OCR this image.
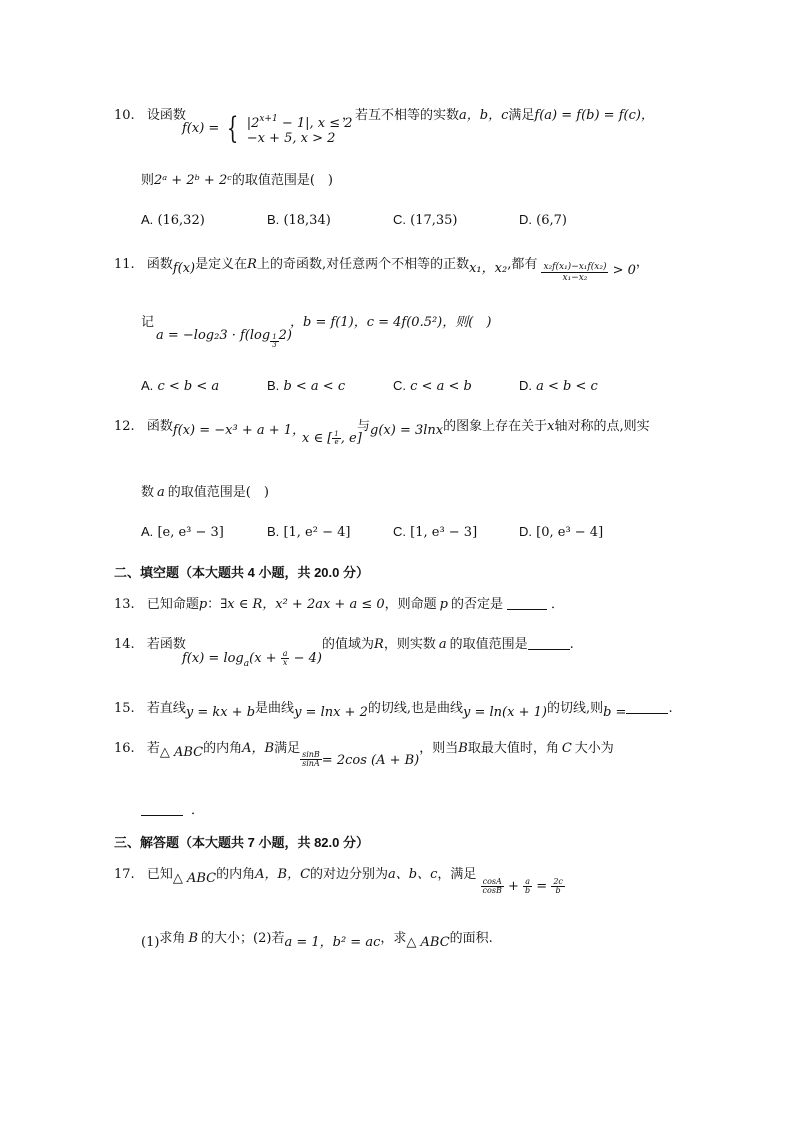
10. 设函数
f(x) = { $|2^{x+1} - 1|$, x ≤ 2
−x + 5, x > 2
，若互不相等的实数a，b，c满足f(a) = f(b) = f(c)，
则2ᵃ + 2ᵇ + 2ᶜ的取值范围是(　)
A. (16,32)	B. (18,34)	C. (17,35)	D. (6,7)
11. 函数f(x)是定义在R上的奇函数,对任意两个不相等的正数x₁，x₂,都有 $\frac{\text{x₂f(x₁)−x₁f(x₂)}}{\text{x₁−x₂}} > 0$，
记
$a = -\log_23 \cdot f(\log \frac{1}{3} 2)$
，b = f(1)，c = 4f(0.5²)，则(　)
A. c < b < a	B. b < a < c	C. c < a < b	D. a < b < c
12. 函数f(x) = −x³ + a + 1，
x ∈ [ $\frac{1}{e}$ , e]
与g(x) = 3lnx的图象上存在关于x轴对称的点,则实
数 a 的取值范围是(　)
A. [e, e³ − 3]	B. [1, e² − 4]	C. [1, e³ − 3]	D. [0, e³ − 4]
二、填空题（本大题共 4 小题，共 20.0 分）
13. 已知命题p：∃x ∈ R，x² + 2ax + a ≤ 0，则命题 p 的否定是	．
14. 若函数
$f(x) = \log_a(x + \frac{a}{x} - 4)$
的值域为R，则实数 a 的取值范围是	.
15. 若直线y = kx + b是曲线y = lnx + 2的切线,也是曲线y = ln(x + 1)的切线,则b =	.
16. 若△ ABC的内角A，B满足
$\frac{\sin B}{\sin A} = 2\cos$ (A + B)，则当B取最大值时，角 C 大小为
．
三、解答题（本大题共 7 小题，共 82.0 分）
17. 已知△ ABC的内角A，B，C的对边分别为a、b、c，满足
$\frac{\cos A}{\cos B} + \frac{a}{b} = \frac{2c}{b}$
(1)求角 B 的大小；(2)若a = 1，b² = ac，求△ ABC的面积.
